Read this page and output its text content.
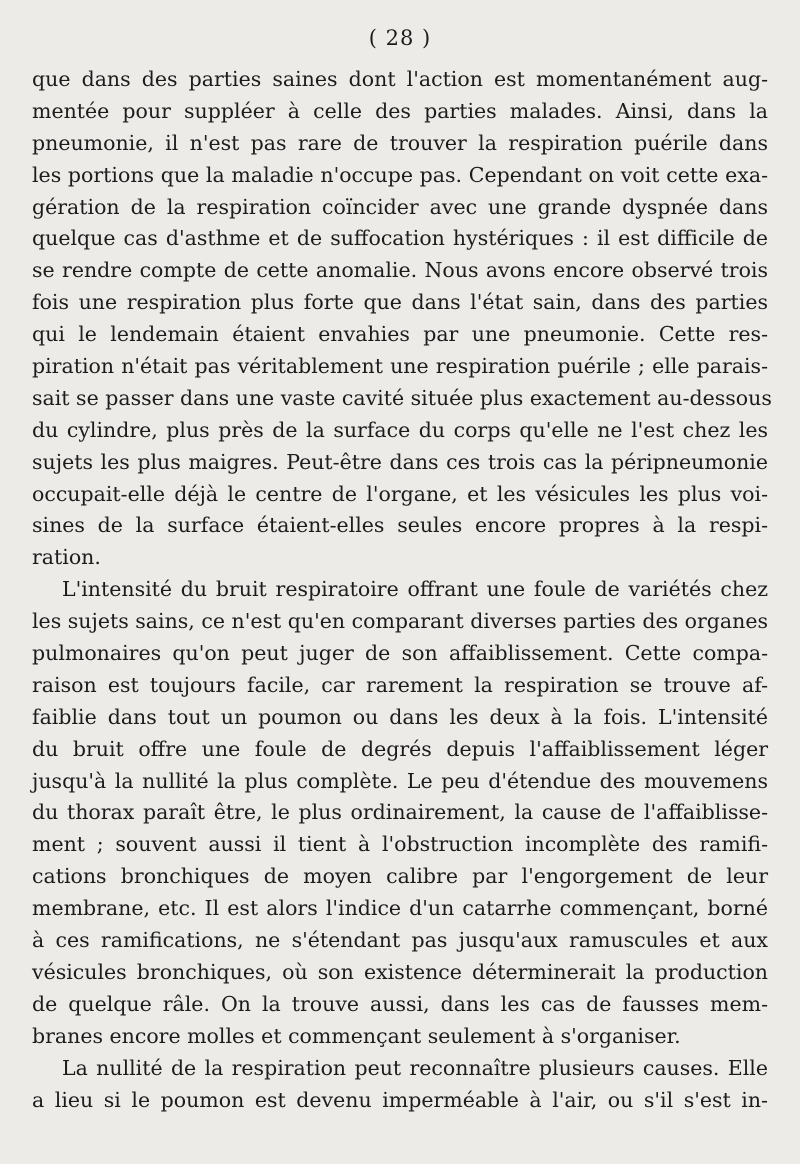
( 28 )
que dans des parties saines dont l'action est momentanément aug-
mentée pour suppléer à celle des parties malades. Ainsi, dans la
pneumonie, il n'est pas rare de trouver la respiration puérile dans
les portions que la maladie n'occupe pas. Cependant on voit cette exa-
gération de la respiration coïncider avec une grande dyspnée dans
quelque cas d'asthme et de suffocation hystériques : il est difficile de
se rendre compte de cette anomalie. Nous avons encore observé trois
fois une respiration plus forte que dans l'état sain, dans des parties
qui le lendemain étaient envahies par une pneumonie. Cette res-
piration n'était pas véritablement une respiration puérile ; elle parais-
sait se passer dans une vaste cavité située plus exactement au-dessous
du cylindre, plus près de la surface du corps qu'elle ne l'est chez les
sujets les plus maigres. Peut-être dans ces trois cas la péripneumonie
occupait-elle déjà le centre de l'organe, et les vésicules les plus voi-
sines de la surface étaient-elles seules encore propres à la respi-
ration.
L'intensité du bruit respiratoire offrant une foule de variétés chez
les sujets sains, ce n'est qu'en comparant diverses parties des organes
pulmonaires qu'on peut juger de son affaiblissement. Cette compa-
raison est toujours facile, car rarement la respiration se trouve af-
faiblie dans tout un poumon ou dans les deux à la fois. L'intensité
du bruit offre une foule de degrés depuis l'affaiblissement léger
jusqu'à la nullité la plus complète. Le peu d'étendue des mouvemens
du thorax paraît être, le plus ordinairement, la cause de l'affaiblisse-
ment ; souvent aussi il tient à l'obstruction incomplète des ramifi-
cations bronchiques de moyen calibre par l'engorgement de leur
membrane, etc. Il est alors l'indice d'un catarrhe commençant, borné
à ces ramifications, ne s'étendant pas jusqu'aux ramuscules et aux
vésicules bronchiques, où son existence déterminerait la production
de quelque râle. On la trouve aussi, dans les cas de fausses mem-
branes encore molles et commençant seulement à s'organiser.
La nullité de la respiration peut reconnaître plusieurs causes. Elle
a lieu si le poumon est devenu imperméable à l'air, ou s'il s'est in-
